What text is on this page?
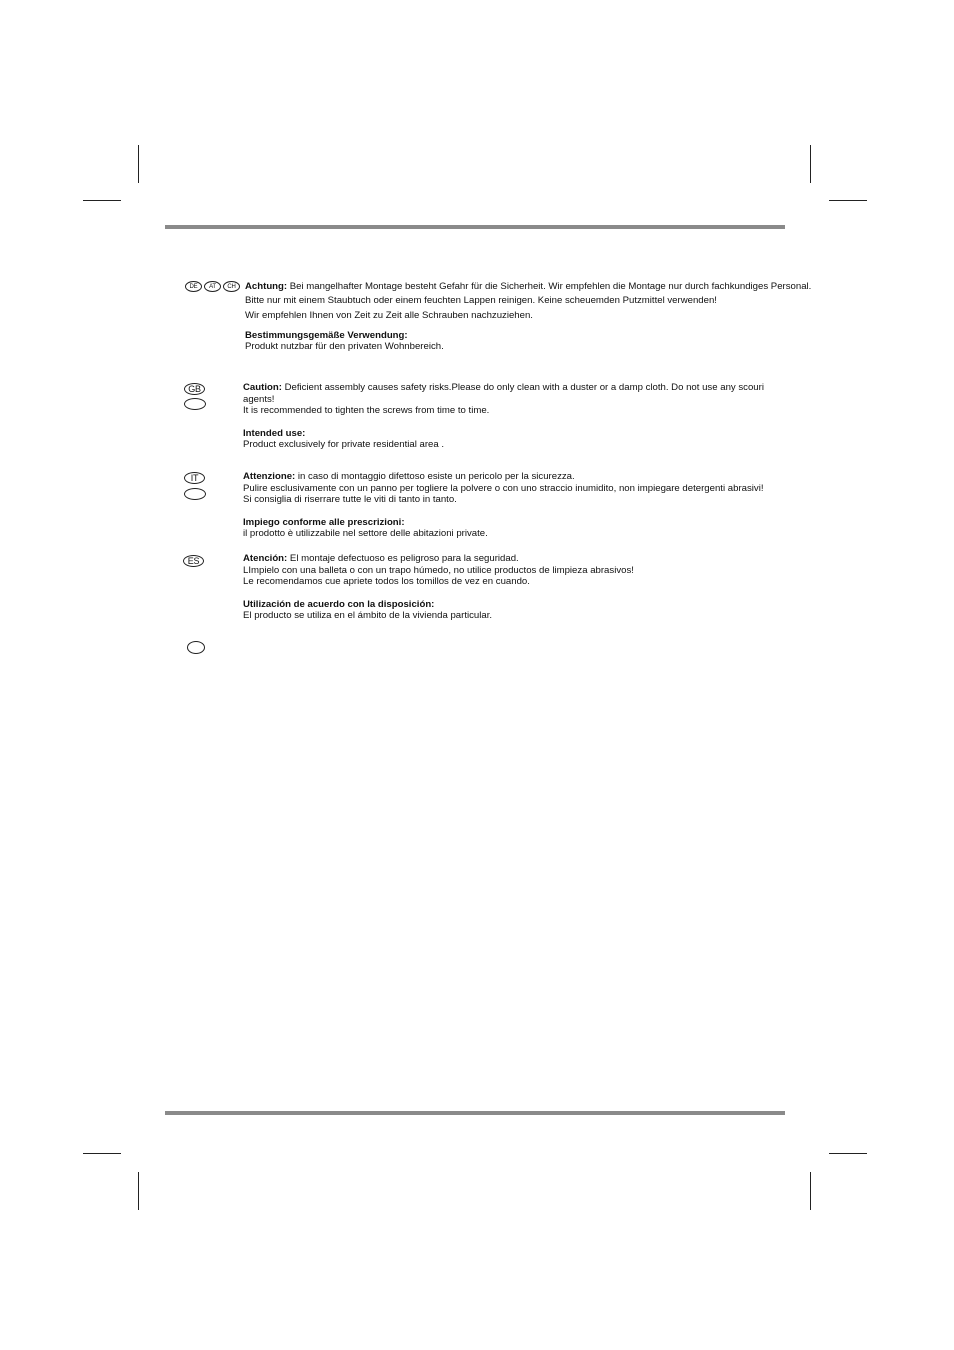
DE	AT	CH Achtung: Bei mangelhafter Montage besteht Gefahr für die Sicherheit. Wir empfehlen die Montage nur durch fachkundiges Personal.

Bitte nur mit einem Staubtuch oder einem feuchten Lappen reinigen. Keine scheuemden Putzmittel verwenden!

Wir empfehlen Ihnen von Zeit zu Zeit alle Schrauben nachzuziehen.

Bestimmungsgemäße Verwendung:

Produkt nutzbar für den privaten Wohnbereich.

GB	Caution: Deficient assembly causes safety risks.Please do only clean with a duster or a damp cloth. Do not use any scouri

agents!

It is recommended to tighten the screws from time to time.

Intended use:

Product exclusively for private residential area .

IT	Attenzione: in caso di montaggio difettoso esiste un pericolo per la sicurezza.

Pulire esclusivamente con un panno per togliere la polvere o con uno straccio inumidito, non impiegare detergenti abrasivi!

Si consiglia di riserrare tutte le viti di tanto in tanto.

Impiego conforme alle prescrizioni:

il prodotto è utilizzabile nel settore delle abitazioni private.

ES	Atención: El montaje defectuoso es peligroso para la seguridad.

LImpielo con una balleta o con un trapo húmedo, no utilice productos de limpieza abrasivos!

Le recomendamos cue apriete todos los tomillos de vez en cuando.

Utilización de acuerdo con la disposición:

El producto se utiliza en el ámbito de la vivienda particular.
